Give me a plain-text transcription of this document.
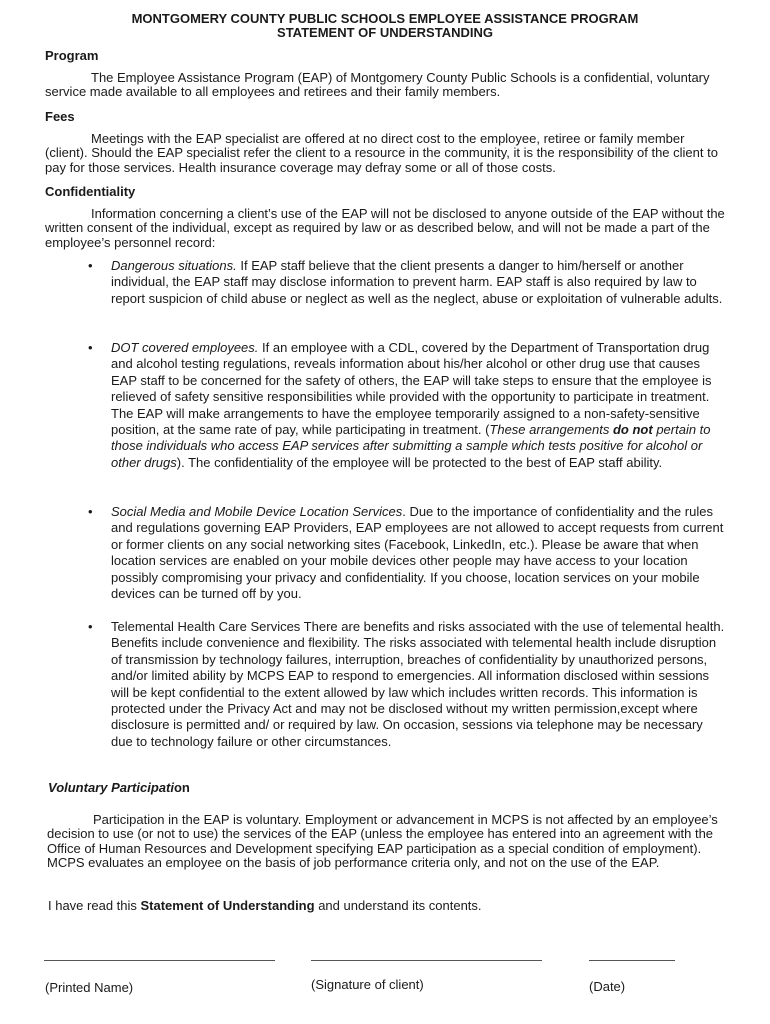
MONTGOMERY COUNTY PUBLIC SCHOOLS EMPLOYEE ASSISTANCE PROGRAM
STATEMENT OF UNDERSTANDING
Program

The Employee Assistance Program (EAP) of Montgomery County Public Schools is a confidential, voluntary service made available to all employees and retirees and their family members.

Fees

Meetings with the EAP specialist are offered at no direct cost to the employee, retiree or family member (client). Should the EAP specialist refer the client to a resource in the community, it is the responsibility of the client to pay for those services. Health insurance coverage may defray some or all of those costs.

Confidentiality

Information concerning a client’s use of the EAP will not be disclosed to anyone outside of the EAP without the written consent of the individual, except as required by law or as described below, and will not be made a part of the employee’s personnel record:

• Dangerous situations. If EAP staff believe that the client presents a danger to him/herself or another individual, the EAP staff may disclose information to prevent harm. EAP staff is also required by law to report suspicion of child abuse or neglect as well as the neglect, abuse or exploitation of vulnerable adults.

• DOT covered employees. If an employee with a CDL, covered by the Department of Transportation drug and alcohol testing regulations, reveals information about his/her alcohol or other drug use that causes EAP staff to be concerned for the safety of others, the EAP will take steps to ensure that the employee is relieved of safety sensitive responsibilities while provided with the opportunity to participate in treatment. The EAP will make arrangements to have the employee temporarily assigned to a non-safety-sensitive position, at the same rate of pay, while participating in treatment. (These arrangements do not pertain to those individuals who access EAP services after submitting a sample which tests positive for alcohol or other drugs). The confidentiality of the employee will be protected to the best of EAP staff ability.

• Social Media and Mobile Device Location Services. Due to the importance of confidentiality and the rules and regulations governing EAP Providers, EAP employees are not allowed to accept requests from current or former clients on any social networking sites (Facebook, LinkedIn, etc.). Please be aware that when location services are enabled on your mobile devices other people may have access to your location possibly compromising your privacy and confidentiality. If you choose, location services on your mobile devices can be turned off by you.

• Telemental Health Care Services There are benefits and risks associated with the use of telemental health. Benefits include convenience and flexibility. The risks associated with telemental health include disruption of transmission by technology failures, interruption, breaches of confidentiality by unauthorized persons, and/or limited ability by MCPS EAP to respond to emergencies. All information disclosed within sessions will be kept confidential to the extent allowed by law which includes written records. This information is protected under the Privacy Act and may not be disclosed without my written permission,except where disclosure is permitted and/ or required by law. On occasion, sessions via telephone may be necessary due to technology failure or other circumstances.

Voluntary Participation

Participation in the EAP is voluntary. Employment or advancement in MCPS is not affected by an employee’s decision to use (or not to use) the services of the EAP (unless the employee has entered into an agreement with the Office of Human Resources and Development specifying EAP participation as a special condition of employment). MCPS evaluates an employee on the basis of job performance criteria only, and not on the use of the EAP.

I have read this Statement of Understanding and understand its contents.

(Printed Name)	(Signature of client)	(Date)
